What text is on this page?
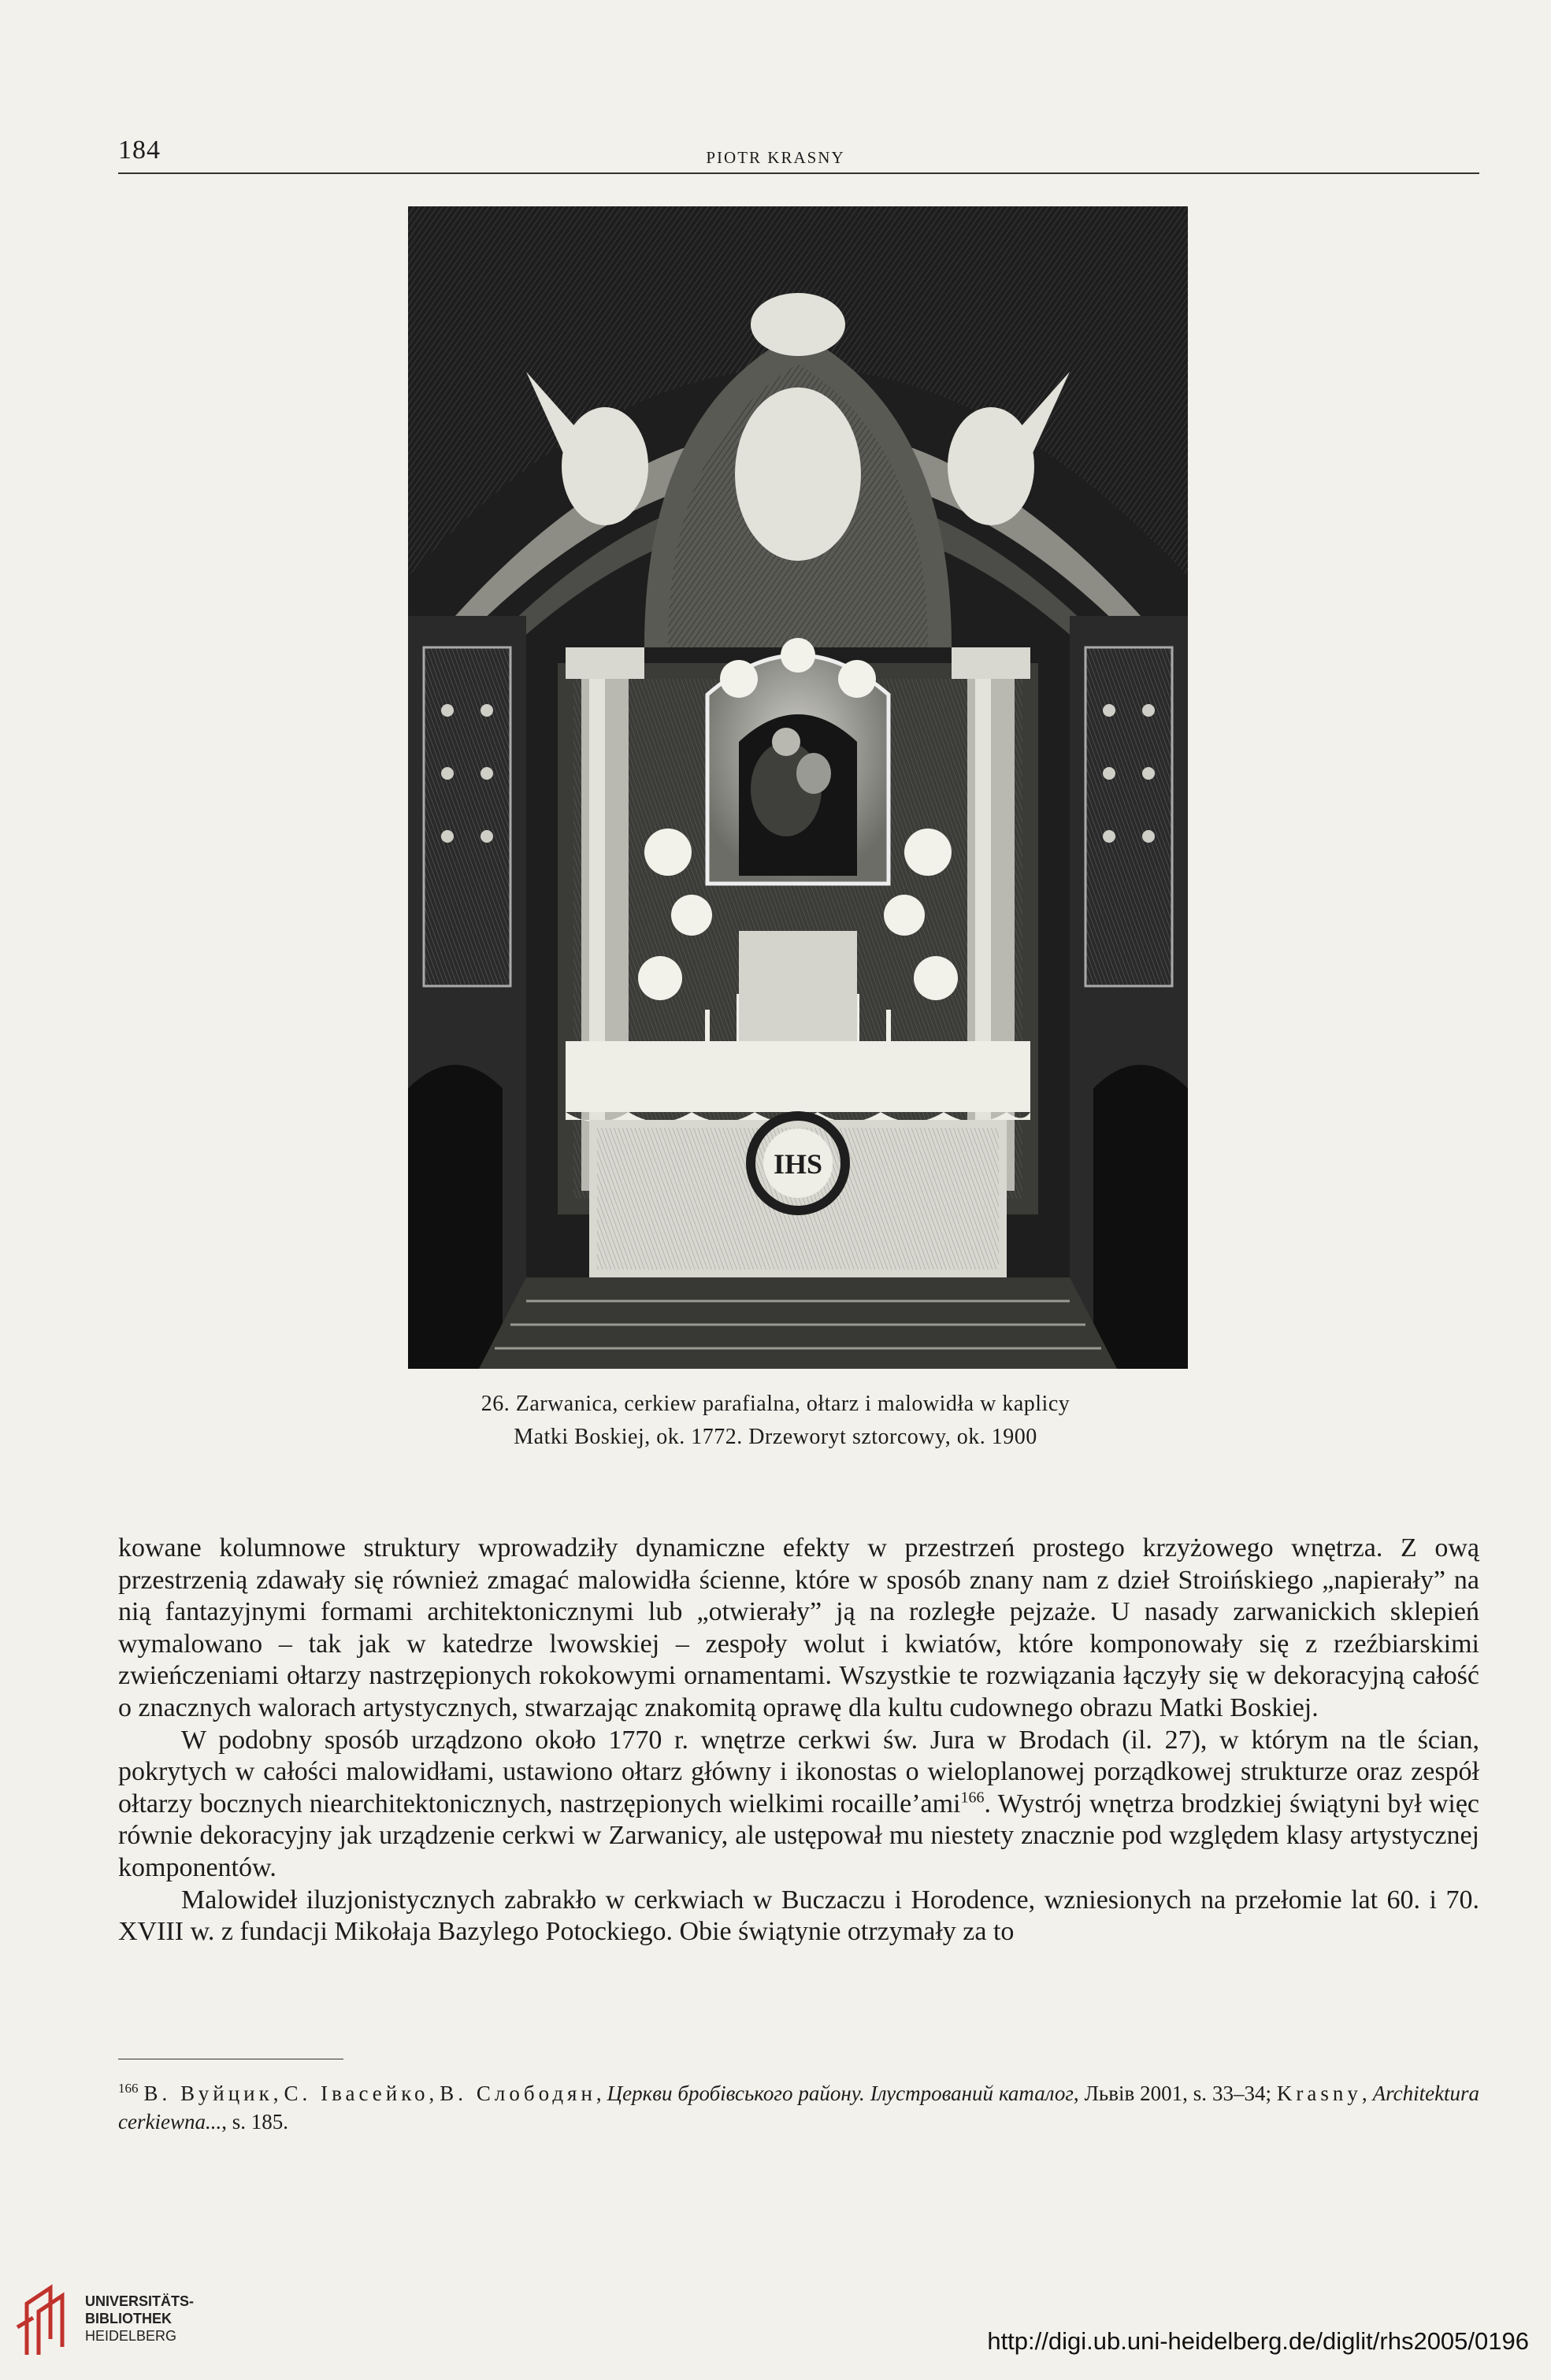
184	PIOTR KRASNY
IHS
26. Zarwanica, cerkiew parafialna, ołtarz i malowidła w kaplicy
Matki Boskiej, ok. 1772. Drzeworyt sztorcowy, ok. 1900

kowane kolumnowe struktury wprowadziły dynamiczne efekty w przestrzeń prostego krzyżowego wnętrza. Z ową przestrzenią zdawały się również zmagać malowidła ścienne, które w sposób znany nam z dzieł Stroińskiego „napierały” na nią fantazyjnymi formami architektonicznymi lub „otwierały” ją na rozległe pejzaże. U nasady zarwanickich sklepień wymalowano – tak jak w katedrze lwowskiej – zespoły wolut i kwiatów, które komponowały się z rzeźbiarskimi zwieńczeniami ołtarzy nastrzępionych rokokowymi ornamentami. Wszystkie te rozwiązania łączyły się w dekoracyjną całość o znacznych walorach artystycznych, stwarzając znakomitą oprawę dla kultu cudownego obrazu Matki Boskiej.

W podobny sposób urządzono około 1770 r. wnętrze cerkwi św. Jura w Brodach (il. 27), w którym na tle ścian, pokrytych w całości malowidłami, ustawiono ołtarz główny i ikonostas o wieloplanowej porządkowej strukturze oraz zespół ołtarzy bocznych niearchitektonicznych, nastrzępionych wielkimi rocaille’ami$^{166}$. Wystrój wnętrza brodzkiej świątyni był więc równie dekoracyjny jak urządzenie cerkwi w Zarwanicy, ale ustępował mu niestety znacznie pod względem klasy artystycznej komponentów.

Malowideł iluzjonistycznych zabrakło w cerkwiach w Buczaczu i Horodence, wzniesionych na przełomie lat 60. i 70. XVIII w. z fundacji Mikołaja Bazylego Potockiego. Obie świątynie otrzymały za to

$^{166}$ В. Вуйцик, С. Івасейко, В. Слободян, Церкви бробівського району. Ілустрований каталог, Львів 2001, s. 33–34; Krasny, Architektura cerkiewna..., s. 185.
UNIVERSITÄTS-
BIBLIOTHEK
HEIDELBERG	http://digi.ub.uni-heidelberg.de/diglit/rhs2005/0196
